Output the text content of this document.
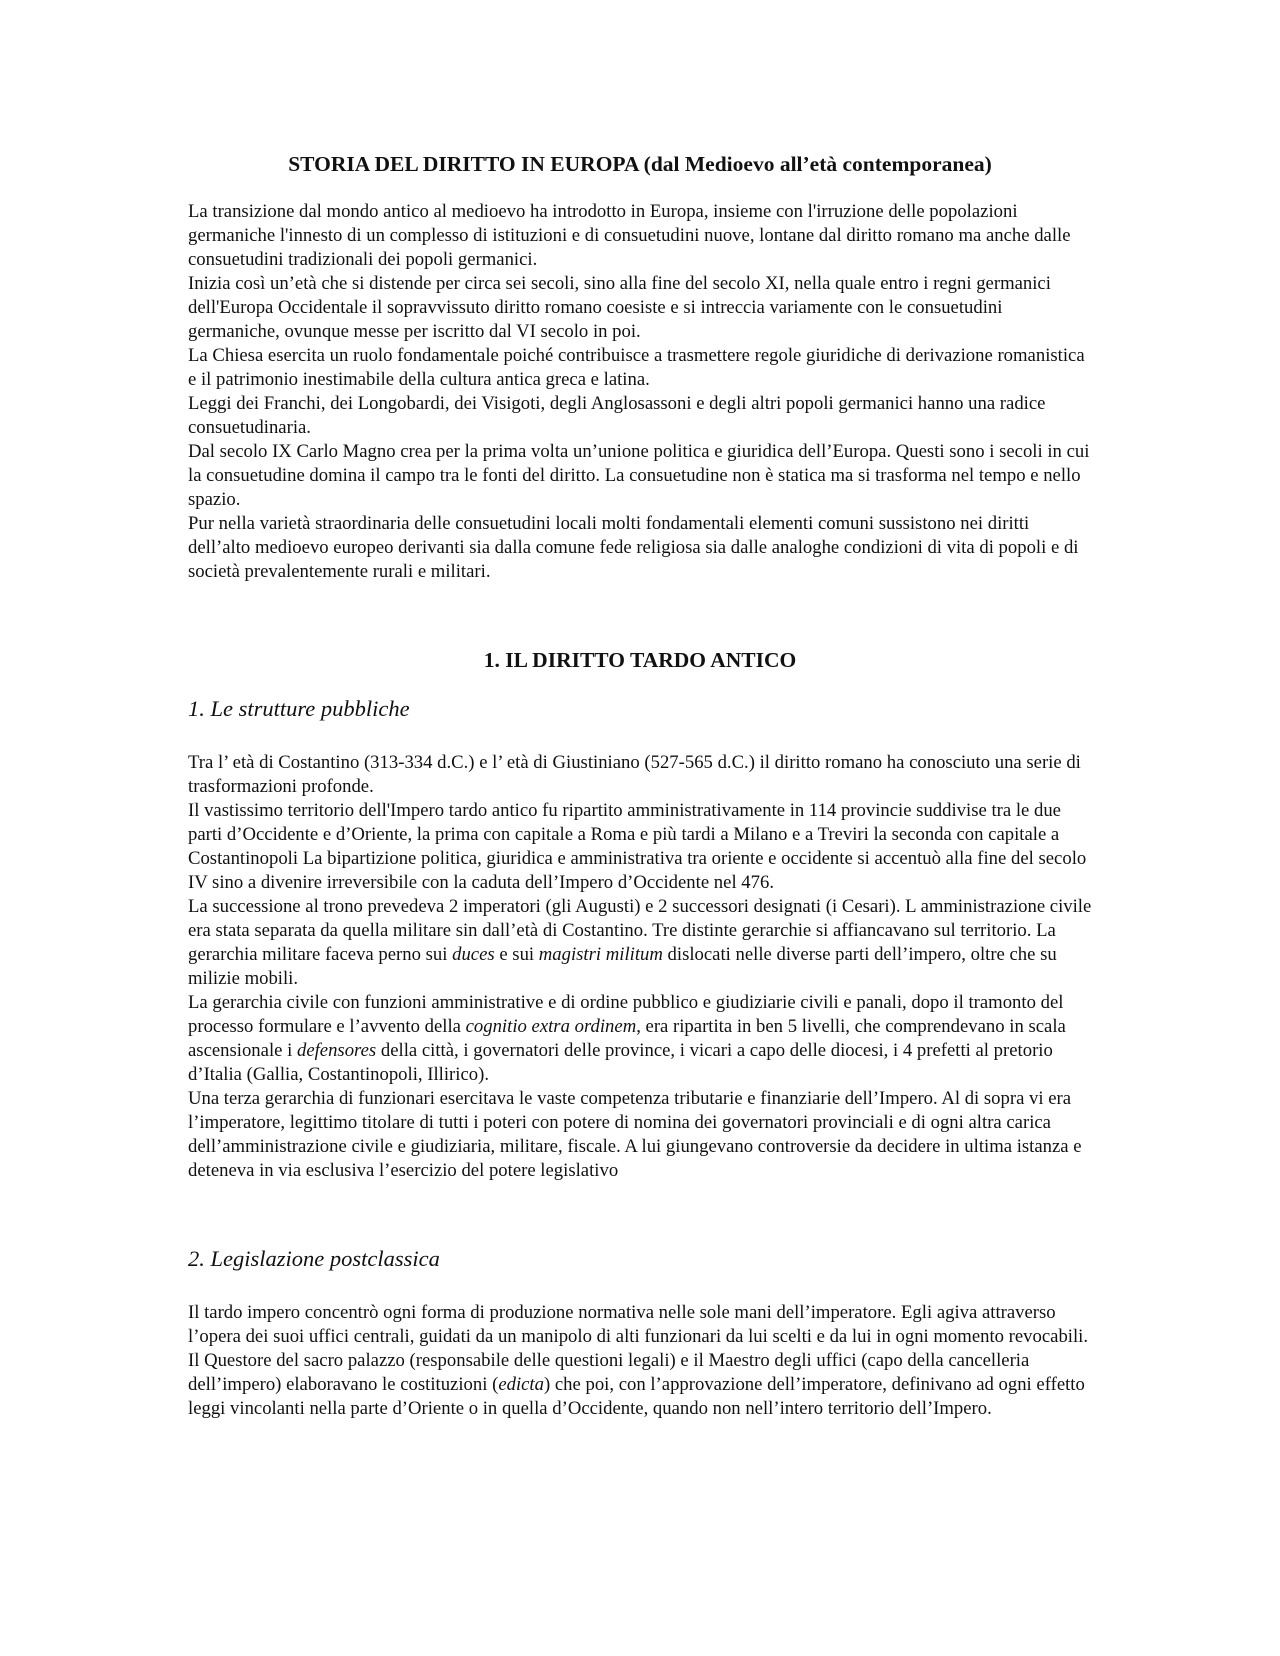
STORIA DEL DIRITTO IN EUROPA (dal Medioevo all’età contemporanea)

La transizione dal mondo antico al medioevo ha introdotto in Europa, insieme con l'irruzione delle popolazioni germaniche l'innesto di un complesso di istituzioni e di consuetudini nuove, lontane dal diritto romano ma anche dalle consuetudini tradizionali dei popoli germanici.

Inizia così un’età che si distende per circa sei secoli, sino alla fine del secolo XI, nella quale entro i regni germanici dell'Europa Occidentale il sopravvissuto diritto romano coesiste e si intreccia variamente con le consuetudini germaniche, ovunque messe per iscritto dal VI secolo in poi.

La Chiesa esercita un ruolo fondamentale poiché contribuisce a trasmettere regole giuridiche di derivazione romanistica e il patrimonio inestimabile della cultura antica greca e latina.

Leggi dei Franchi, dei Longobardi, dei Visigoti, degli Anglosassoni e degli altri popoli germanici hanno una radice consuetudinaria.

Dal secolo IX Carlo Magno crea per la prima volta un’unione politica e giuridica dell’Europa. Questi sono i secoli in cui la consuetudine domina il campo tra le fonti del diritto. La consuetudine non è statica ma si trasforma nel tempo e nello spazio.

Pur nella varietà straordinaria delle consuetudini locali molti fondamentali elementi comuni sussistono nei diritti dell’alto medioevo europeo derivanti sia dalla comune fede religiosa sia dalle analoghe condizioni di vita di popoli e di società prevalentemente rurali e militari.

1. IL DIRITTO TARDO ANTICO
1. Le strutture pubbliche

Tra l’ età di Costantino (313-334 d.C.) e l’ età di Giustiniano (527-565 d.C.) il diritto romano ha conosciuto una serie di trasformazioni profonde.

Il vastissimo territorio dell'Impero tardo antico fu ripartito amministrativamente in 114 provincie suddivise tra le due parti d’Occidente e d’Oriente, la prima con capitale a Roma e più tardi a Milano e a Treviri la seconda con capitale a Costantinopoli La bipartizione politica, giuridica e amministrativa tra oriente e occidente si accentuò alla fine del secolo IV sino a divenire irreversibile con la caduta dell’Impero d’Occidente nel 476.

La successione al trono prevedeva 2 imperatori (gli Augusti) e 2 successori designati (i Cesari). L amministrazione civile era stata separata da quella militare sin dall’età di Costantino. Tre distinte gerarchie si affiancavano sul territorio. La gerarchia militare faceva perno sui duces e sui magistri militum dislocati nelle diverse parti dell’impero, oltre che su milizie mobili.

La gerarchia civile con funzioni amministrative e di ordine pubblico e giudiziarie civili e panali, dopo il tramonto del processo formulare e l’avvento della cognitio extra ordinem, era ripartita in ben 5 livelli, che comprendevano in scala ascensionale i defensores della città, i governatori delle province, i vicari a capo delle diocesi, i 4 prefetti al pretorio d’Italia (Gallia, Costantinopoli, Illirico).

Una terza gerarchia di funzionari esercitava le vaste competenza tributarie e finanziarie dell’Impero. Al di sopra vi era l’imperatore, legittimo titolare di tutti i poteri con potere di nomina dei governatori provinciali e di ogni altra carica dell’amministrazione civile e giudiziaria, militare, fiscale. A lui giungevano controversie da decidere in ultima istanza e deteneva in via esclusiva l’esercizio del potere legislativo

2. Legislazione postclassica

Il tardo impero concentrò ogni forma di produzione normativa nelle sole mani dell’imperatore. Egli agiva attraverso l’opera dei suoi uffici centrali, guidati da un manipolo di alti funzionari da lui scelti e da lui in ogni momento revocabili. Il Questore del sacro palazzo (responsabile delle questioni legali) e il Maestro degli uffici (capo della cancelleria dell’impero) elaboravano le costituzioni (edicta) che poi, con l’approvazione dell’imperatore, definivano ad ogni effetto leggi vincolanti nella parte d’Oriente o in quella d’Occidente, quando non nell’intero territorio dell’Impero.
